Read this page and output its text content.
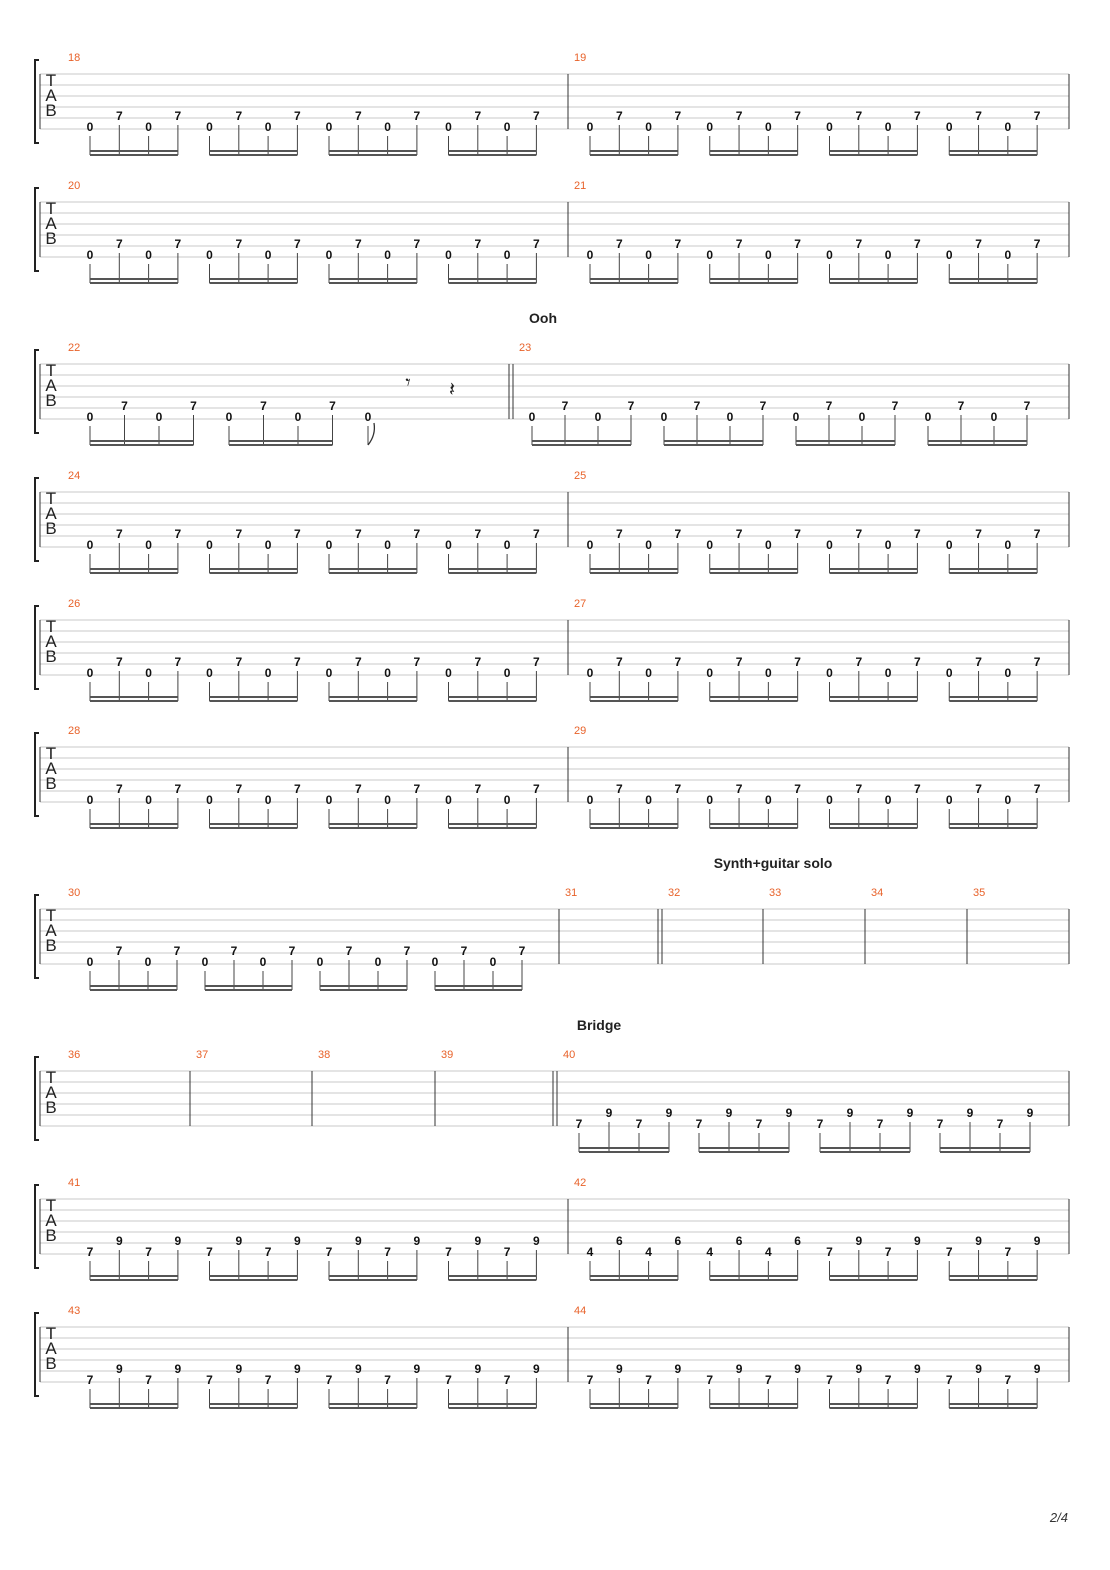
T
A
B
18
0
7
0
7
0
7
0
7
0
7
0
7
0
7
0
7
19
0
7
0
7
0
7
0
7
0
7
0
7
0
7
0
7
T
A
B
20
0
7
0
7
0
7
0
7
0
7
0
7
0
7
0
7
21
0
7
0
7
0
7
0
7
0
7
0
7
0
7
0
7
Ooh
T
A
B
22
0
7
0
7
0
7
0
7
0
𝄾 𝄽
23
0
7
0
7
0
7
0
7
0
7
0
7
0
7
0
7
T
A
B
24
0
7
0
7
0
7
0
7
0
7
0
7
0
7
0
7
25
0
7
0
7
0
7
0
7
0
7
0
7
0
7
0
7
T
A
B
26
0
7
0
7
0
7
0
7
0
7
0
7
0
7
0
7
27
0
7
0
7
0
7
0
7
0
7
0
7
0
7
0
7
T
A
B
28
0
7
0
7
0
7
0
7
0
7
0
7
0
7
0
7
29
0
7
0
7
0
7
0
7
0
7
0
7
0
7
0
7
Synth+guitar solo
T
A
B
30
0
7
0
7
0
7
0
7
0
7
0
7
0
7
0
7
31	32	33	34	35
Bridge
T
A
B
36	37	38	39	40
7
9
7
9
7
9
7
9
7
9
7
9
7
9
7
9
T
A
B
41
7
9
7
9
7
9
7
9
7
9
7
9
7
9
7
9
42
4
6
4
6
4
6
4
6
7
9
7
9
7
9
7
9
T
A
B
43
7
9
7
9
7
9
7
9
7
9
7
9
7
9
7
9
44
7
9
7
9
7
9
7
9
7
9
7
9
7
9
7
9
2/4
